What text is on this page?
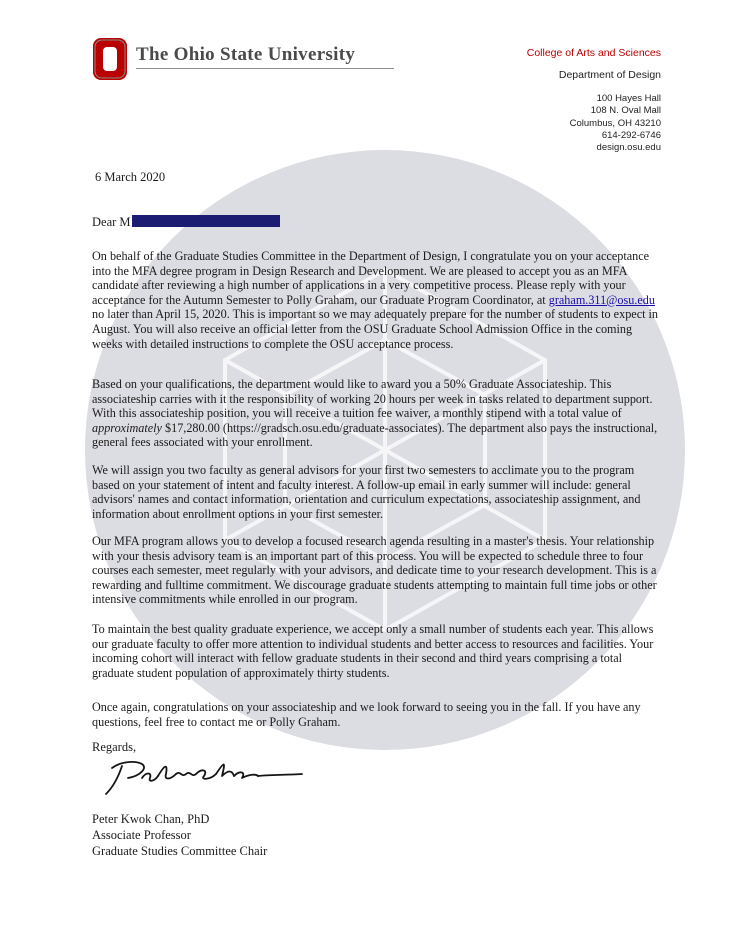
The Ohio State University	College of Arts and Sciences
Department of Design
100 Hayes Hall
108 N. Oval Mall
Columbus, OH 43210
614-292-6746
design.osu.edu
6 March 2020
Dear M

On behalf of the Graduate Studies Committee in the Department of Design, I congratulate you on your acceptance into the MFA degree program in Design Research and Development. We are pleased to accept you as an MFA candidate after reviewing a high number of applications in a very competitive process. Please reply with your acceptance for the Autumn Semester to Polly Graham, our Graduate Program Coordinator, at graham.311@osu.edu no later than April 15, 2020. This is important so we may adequately prepare for the number of students to expect in August. You will also receive an official letter from the OSU Graduate School Admission Office in the coming weeks with detailed instructions to complete the OSU acceptance process.

Based on your qualifications, the department would like to award you a 50% Graduate Associateship. This associateship carries with it the responsibility of working 20 hours per week in tasks related to department support. With this associateship position, you will receive a tuition fee waiver, a monthly stipend with a total value of approximately $17,280.00 (https://gradsch.osu.edu/graduate-associates). The department also pays the instructional, general fees associated with your enrollment.

We will assign you two faculty as general advisors for your first two semesters to acclimate you to the program based on your statement of intent and faculty interest. A follow-up email in early summer will include: general advisors' names and contact information, orientation and curriculum expectations, associateship assignment, and information about enrollment options in your first semester.

Our MFA program allows you to develop a focused research agenda resulting in a master's thesis. Your relationship with your thesis advisory team is an important part of this process. You will be expected to schedule three to four courses each semester, meet regularly with your advisors, and dedicate time to your research development. This is a rewarding and fulltime commitment. We discourage graduate students attempting to maintain full time jobs or other intensive commitments while enrolled in our program.

To maintain the best quality graduate experience, we accept only a small number of students each year. This allows our graduate faculty to offer more attention to individual students and better access to resources and facilities. Your incoming cohort will interact with fellow graduate students in their second and third years comprising a total graduate student population of approximately thirty students.

Once again, congratulations on your associateship and we look forward to seeing you in the fall. If you have any questions, feel free to contact me or Polly Graham.

Regards,
Peter Kwok Chan, PhD
Associate Professor
Graduate Studies Committee Chair
